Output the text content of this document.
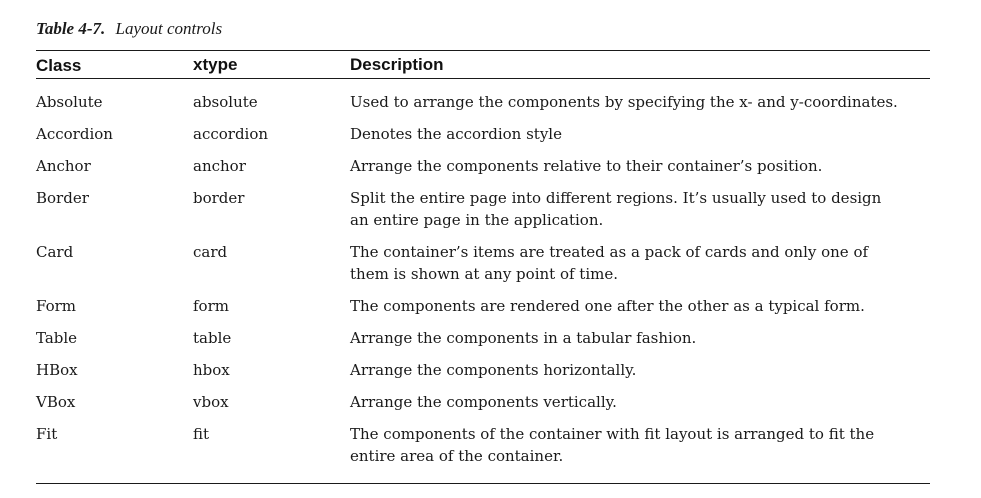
Table 4-7. Layout controls
Class	xtype	Description
Absolute	absolute	Used to arrange the components by specifying the x- and y-coordinates.
Accordion	accordion	Denotes the accordion style
Anchor	anchor	Arrange the components relative to their container’s position.
Border	border	Split the entire page into different regions. It’s usually used to design an entire page in the application.
Card	card	The container’s items are treated as a pack of cards and only one of them is shown at any point of time.
Form	form	The components are rendered one after the other as a typical form.
Table	table	Arrange the components in a tabular fashion.
HBox	hbox	Arrange the components horizontally.
VBox	vbox	Arrange the components vertically.
Fit	fit	The components of the container with fit layout is arranged to fit the entire area of the container.
